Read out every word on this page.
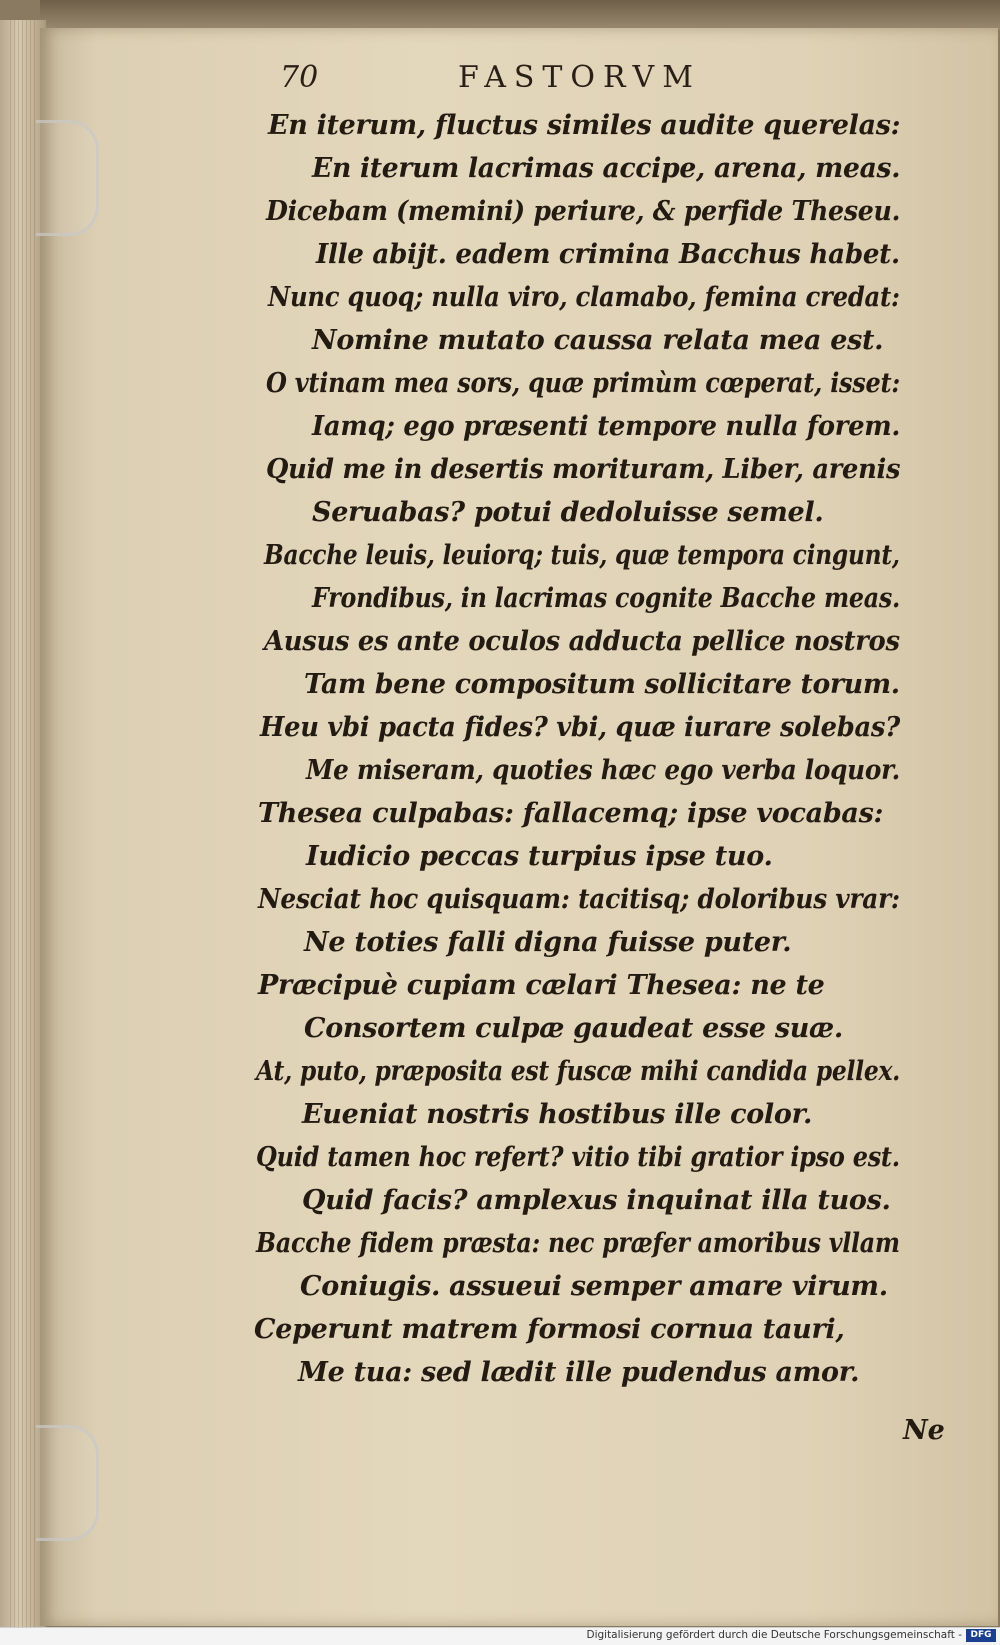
70	FASTORVM
En iterum, fluctus similes audite querelas:
En iterum lacrimas accipe, arena, meas.
Dicebam (memini) periure, & perfide Theseu.
Ille abijt. eadem crimina Bacchus habet.
Nunc quoq; nulla viro, clamabo, femina credat:
Nomine mutato caussa relata mea est.
O vtinam mea sors, quæ primùm cœperat, isset:
Iamq; ego præsenti tempore nulla forem.
Quid me in desertis morituram, Liber, arenis
Seruabas? potui dedoluisse semel.
Bacche leuis, leuiorq; tuis, quæ tempora cingunt,
Frondibus, in lacrimas cognite Bacche meas.
Ausus es ante oculos adducta pellice nostros
Tam bene compositum sollicitare torum.
Heu vbi pacta fides? vbi, quæ iurare solebas?
Me miseram, quoties hæc ego verba loquor.
Thesea culpabas: fallacemq; ipse vocabas:
Iudicio peccas turpius ipse tuo.
Nesciat hoc quisquam: tacitisq; doloribus vrar:
Ne toties falli digna fuisse puter.
Præcipuè cupiam cælari Thesea: ne te
Consortem culpæ gaudeat esse suæ.
At, puto, præposita est fuscæ mihi candida pellex.
Eueniat nostris hostibus ille color.
Quid tamen hoc refert? vitio tibi gratior ipso est.
Quid facis? amplexus inquinat illa tuos.
Bacche fidem præsta: nec præfer amoribus vllam
Coniugis. assueui semper amare virum.
Ceperunt matrem formosi cornua tauri,
Me tua: sed lædit ille pudendus amor.
Ne
Digitalisierung gefördert durch die Deutsche Forschungsgemeinschaft - DFG
